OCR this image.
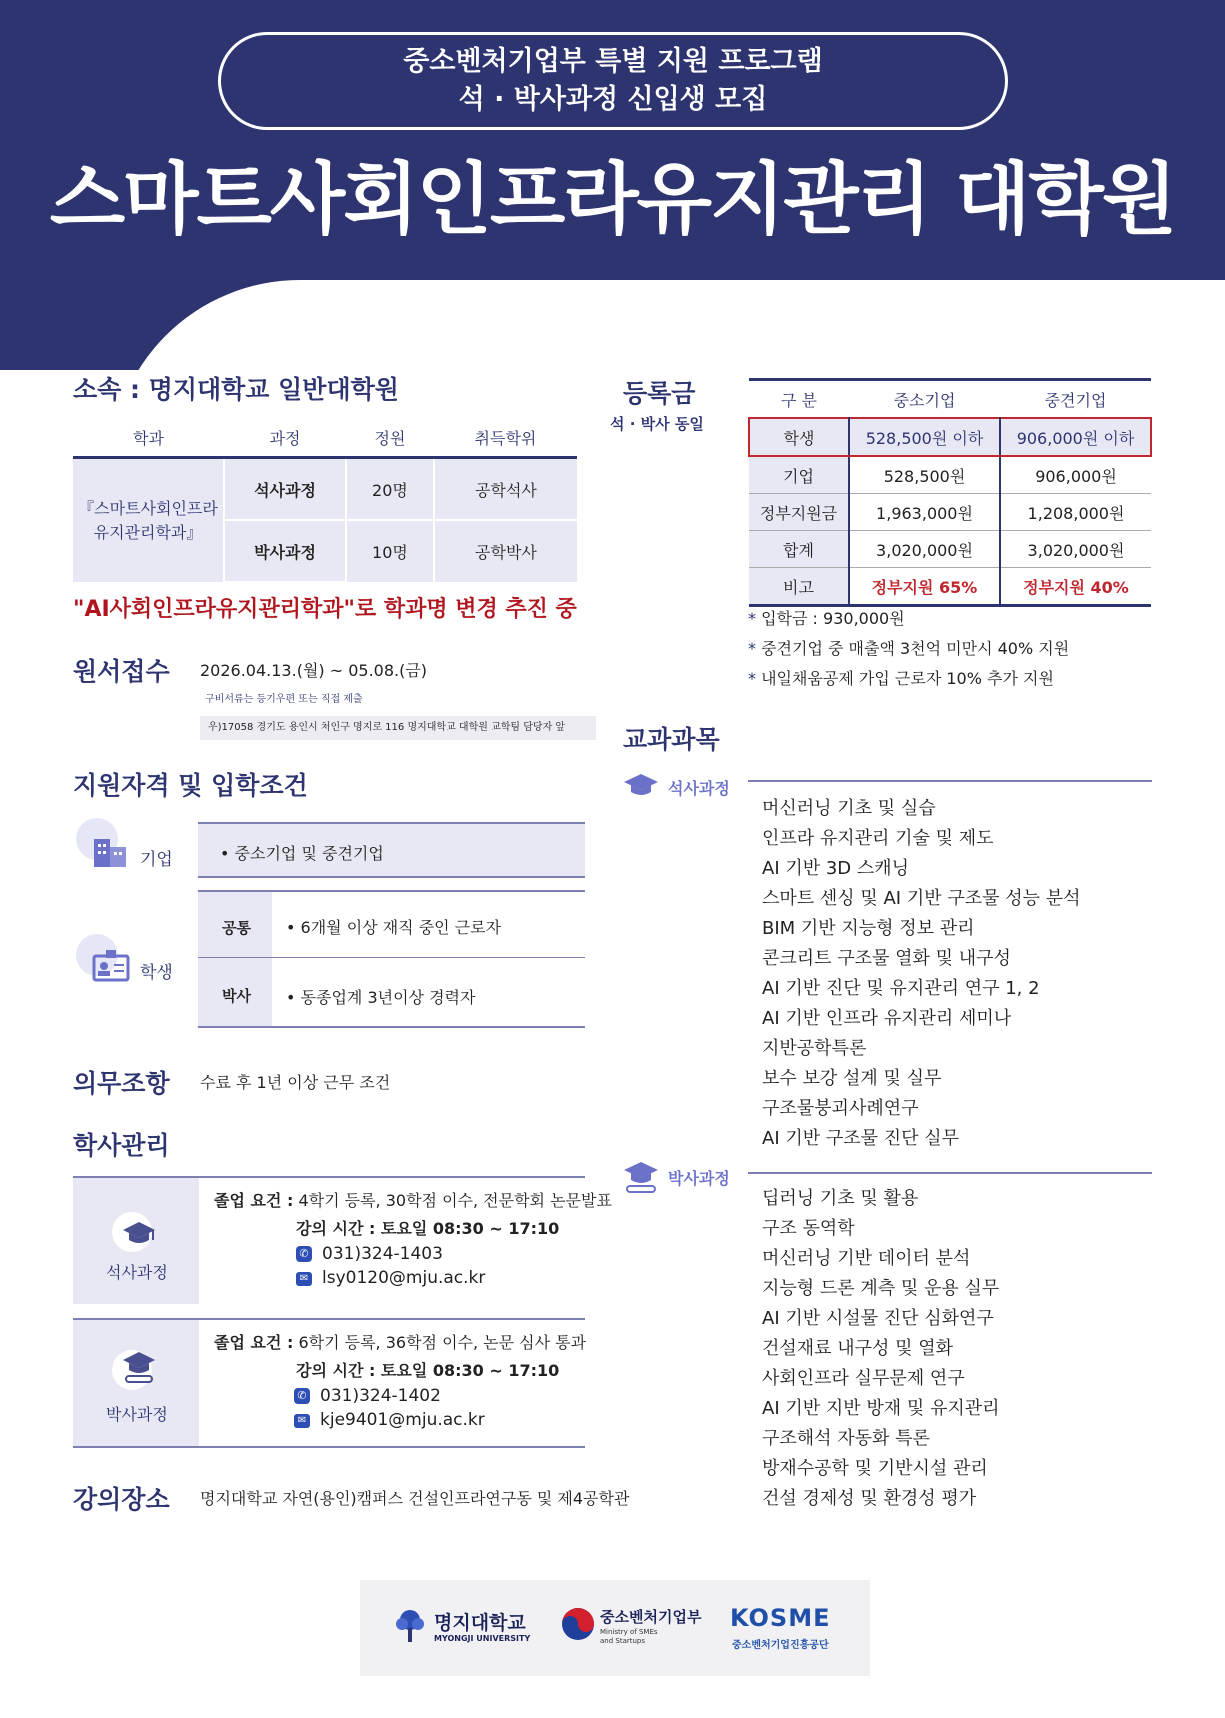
중소벤처기업부 특별 지원 프로그램
석 · 박사과정 신입생 모집
스마트사회인프라유지관리 대학원
소속 : 명지대학교 일반대학원
학과	과정	정원	취득학위

『스마트사회인프라
유지관리학과』	석사과정	20명	공학석사
	박사과정	10명	공학박사
"AI사회인프라유지관리학과"로 학과명 변경 추진 중
원서접수 2026.04.13.(월) ~ 05.08.(금)
구비서류는 등기우편 또는 직접 제출
우)17058 경기도 용인시 처인구 명지로 116 명지대학교 대학원 교학팀 담당자 앞
지원자격 및 입학조건
기업	• 중소기업 및 중견기업
학생
공통 • 6개월 이상 재직 중인 근로자
박사 • 동종업계 3년이상 경력자
의무조항 수료 후 1년 이상 근무 조건
학사관리
석사과정
졸업 요건 : 4학기 등록, 30학점 이수, 전문학회 논문발표
강의 시간 : 토요일 08:30 ~ 17:10
✆ 031)324-1403
✉ lsy0120@mju.ac.kr
박사과정
졸업 요건 : 6학기 등록, 36학점 이수, 논문 심사 통과
강의 시간 : 토요일 08:30 ~ 17:10
✆ 031)324-1402
✉ kje9401@mju.ac.kr
강의장소 명지대학교 자연(용인)캠퍼스 건설인프라연구동 및 제4공학관
등록금
석 · 박사 동일
구 분	중소기업	중견기업
학생	528,500원 이하	906,000원 이하
기업	528,500원	906,000원
정부지원금	1,963,000원	1,208,000원
합계	3,020,000원	3,020,000원
비고	정부지원 65%	정부지원 40%
* 입학금 : 930,000원
* 중견기업 중 매출액 3천억 미만시 40% 지원
* 내일채움공제 가입 근로자 10% 추가 지원
교과과목
석사과정
머신러닝 기초 및 실습
인프라 유지관리 기술 및 제도
AI 기반 3D 스캐닝
스마트 센싱 및 AI 기반 구조물 성능 분석
BIM 기반 지능형 정보 관리
콘크리트 구조물 열화 및 내구성
AI 기반 진단 및 유지관리 연구 1, 2
AI 기반 인프라 유지관리 세미나
지반공학특론
보수 보강 설계 및 실무
구조물붕괴사례연구
AI 기반 구조물 진단 실무
박사과정
딥러닝 기초 및 활용
구조 동역학
머신러닝 기반 데이터 분석
지능형 드론 계측 및 운용 실무
AI 기반 시설물 진단 심화연구
건설재료 내구성 및 열화
사회인프라 실무문제 연구
AI 기반 지반 방재 및 유지관리
구조해석 자동화 특론
방재수공학 및 기반시설 관리
건설 경제성 및 환경성 평가
명지대학교
MYONGJI UNIVERSITY
중소벤처기업부
Ministry of SMEs
and Startups
KOSME
중소벤처기업진흥공단
